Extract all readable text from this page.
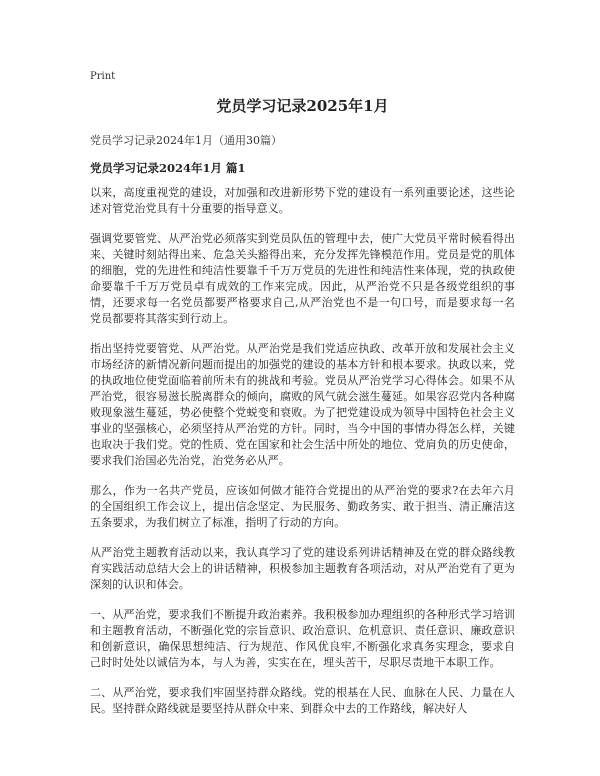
Print
党员学习记录2025年1月
党员学习记录2024年1月（通用30篇）
党员学习记录2024年1月 篇1

以来，高度重视党的建设，对加强和改进新形势下党的建设有一系列重要论述，这些论述对管党治党具有十分重要的指导意义。

强调党要管党、从严治党必须落实到党员队伍的管理中去，使广大党员平常时候看得出来、关键时刻站得出来、危急关头豁得出来，充分发挥先锋模范作用。党员是党的肌体的细胞，党的先进性和纯洁性要靠千千万万党员的先进性和纯洁性来体现，党的执政使命要靠千千万万党员卓有成效的工作来完成。因此，从严治党不只是各级党组织的事情，还要求每一名党员都要严格要求自己,从严治党也不是一句口号，而是要求每一名党员都要将其落实到行动上。

指出坚持党要管党、从严治党。从严治党是我们党适应执政、改革开放和发展社会主义市场经济的新情况新问题而提出的加强党的建设的基本方针和根本要求。执政以来，党的执政地位使党面临着前所未有的挑战和考验。党员从严治党学习心得体会。如果不从严治党，很容易滋长脱离群众的倾向，腐败的风气就会滋生蔓延。如果容忍党内各种腐败现象滋生蔓延，势必使整个党蜕变和衰败。为了把党建设成为领导中国特色社会主义事业的坚强核心，必须坚持从严治党的方针。同时，当今中国的事情办得怎么样，关键也取决于我们党。党的性质、党在国家和社会生活中所处的地位、党肩负的历史使命，要求我们治国必先治党，治党务必从严。

那么，作为一名共产党员，应该如何做才能符合党提出的从严治党的要求?在去年六月的全国组织工作会议上，提出信念坚定、为民服务、勤政务实、敢于担当、清正廉洁这五条要求，为我们树立了标准，指明了行动的方向。

从严治党主题教育活动以来，我认真学习了党的建设系列讲话精神及在党的群众路线教育实践活动总结大会上的讲话精神，积极参加主题教育各项活动，对从严治党有了更为深刻的认识和体会。

一、从严治党，要求我们不断提升政治素养。我积极参加办理组织的各种形式学习培训和主题教育活动，不断强化党的宗旨意识、政治意识、危机意识、责任意识、廉政意识和创新意识，确保思想纯洁、行为规范、作风优良牢,不断强化求真务实理念，要求自己时时处处以诚信为本，与人为善，实实在在，埋头苦干，尽职尽责地干本职工作。

二、从严治党，要求我们牢固坚持群众路线。党的根基在人民、血脉在人民、力量在人民。坚持群众路线就是要坚持从群众中来、到群众中去的工作路线，解决好人
